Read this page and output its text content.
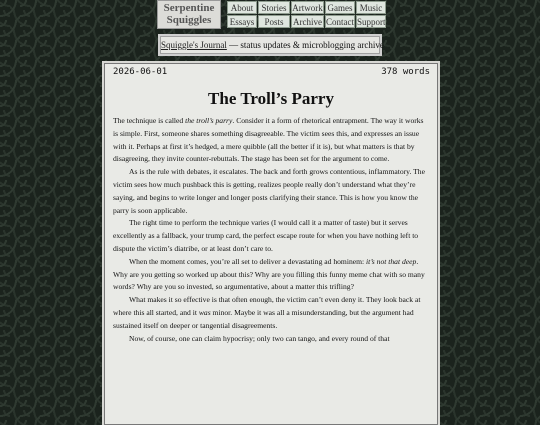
Serpentine
Squiggles
About Stories Artwork Games Music
Essays	Posts	Archive Contact Support
Squiggle's Journal — status updates & microblogging archive
2026-06-01	378 words
The Troll’s Parry

The technique is called the troll’s parry. Consider it a form of rhetorical entrapment. The way it works is simple. First, someone shares something disagreeable. The victim sees this, and expresses an issue with it. Perhaps at first it’s hedged, a mere quibble (all the better if it is), but what matters is that by disagreeing, they invite counter-rebuttals. The stage has been set for the argument to come.

As is the rule with debates, it escalates. The back and forth grows contentious, inflammatory. The victim sees how much pushback this is getting, realizes people really don’t understand what they’re saying, and begins to write longer and longer posts clarifying their stance. This is how you know the parry is soon applicable.

The right time to perform the technique varies (I would call it a matter of taste) but it serves excellently as a fallback, your trump card, the perfect escape route for when you have nothing left to dispute the victim’s diatribe, or at least don’t care to.

When the moment comes, you’re all set to deliver a devastating ad hominem: it’s not that deep. Why are you getting so worked up about this? Why are you filling this funny meme chat with so many words? Why are you so invested, so argumentative, about a matter this trifling?

What makes it so effective is that often enough, the victim can’t even deny it. They look back at where this all started, and it was minor. Maybe it was all a misunderstanding, but the argument had sustained itself on deeper or tangential disagreements.

Now, of course, one can claim hypocrisy; only two can tango, and every round of that
